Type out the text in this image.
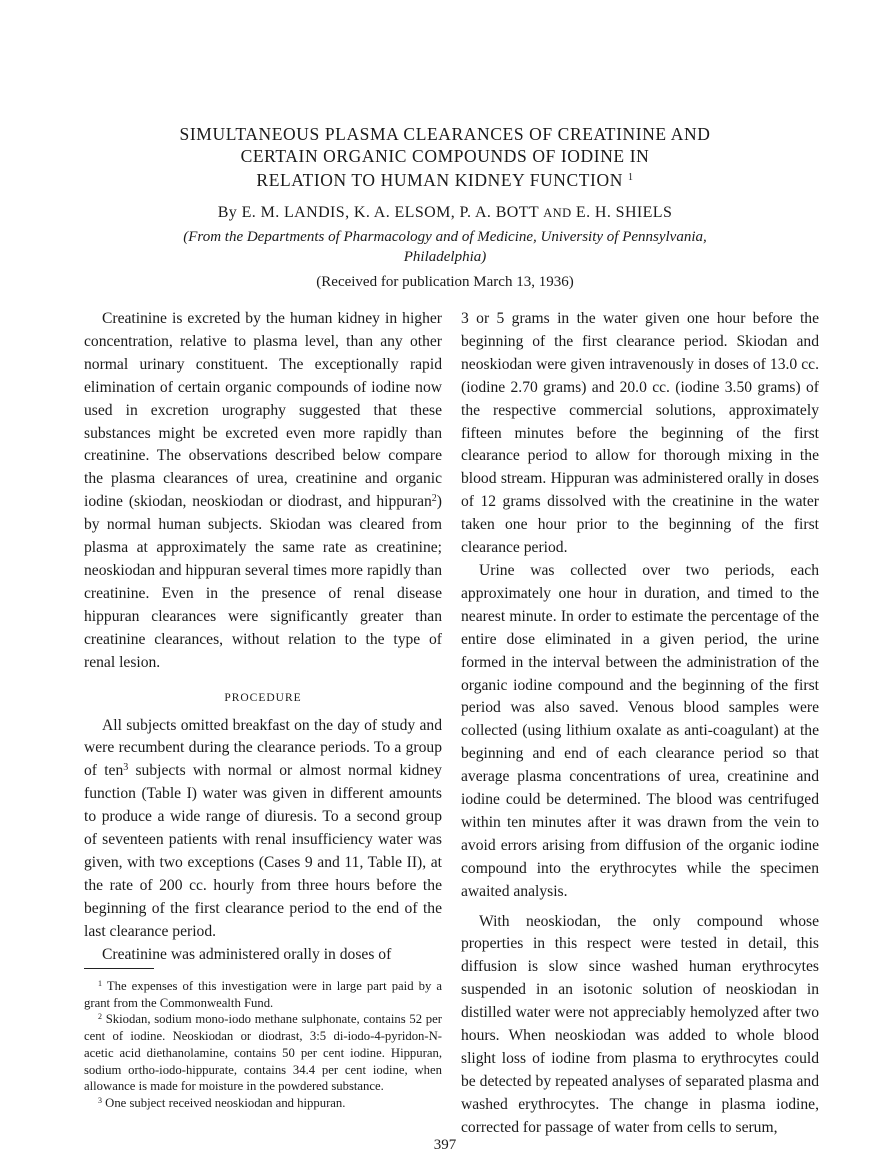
SIMULTANEOUS PLASMA CLEARANCES OF CREATININE AND
CERTAIN ORGANIC COMPOUNDS OF IODINE IN
RELATION TO HUMAN KIDNEY FUNCTION $^1$
By E. M. LANDIS, K. A. ELSOM, P. A. BOTT AND E. H. SHIELS
(From the Departments of Pharmacology and of Medicine, University of Pennsylvania,
Philadelphia)
(Received for publication March 13, 1936)

Creatinine is excreted by the human kidney in higher concentration, relative to plasma level, than any other normal urinary constituent. The exceptionally rapid elimination of certain organic compounds of iodine now used in excretion urography suggested that these substances might be excreted even more rapidly than creatinine. The observations described below compare the plasma clearances of urea, creatinine and organic iodine (skiodan, neoskiodan or diodrast, and hippuran$^2$) by normal human subjects. Skiodan was cleared from plasma at approximately the same rate as creatinine; neoskiodan and hippuran several times more rapidly than creatinine. Even in the presence of renal disease hippuran clearances were significantly greater than creatinine clearances, without relation to the type of renal lesion.

PROCEDURE

All subjects omitted breakfast on the day of study and were recumbent during the clearance periods. To a group of ten$^3$ subjects with normal or almost normal kidney function (Table I) water was given in different amounts to produce a wide range of diuresis. To a second group of seventeen patients with renal insufficiency water was given, with two exceptions (Cases 9 and 11, Table II), at the rate of 200 cc. hourly from three hours before the beginning of the first clearance period to the end of the last clearance period.

Creatinine was administered orally in doses of

3 or 5 grams in the water given one hour before the beginning of the first clearance period. Skiodan and neoskiodan were given intravenously in doses of 13.0 cc. (iodine 2.70 grams) and 20.0 cc. (iodine 3.50 grams) of the respective commercial solutions, approximately fifteen minutes before the beginning of the first clearance period to allow for thorough mixing in the blood stream. Hippuran was administered orally in doses of 12 grams dissolved with the creatinine in the water taken one hour prior to the beginning of the first clearance period.

Urine was collected over two periods, each approximately one hour in duration, and timed to the nearest minute. In order to estimate the percentage of the entire dose eliminated in a given period, the urine formed in the interval between the administration of the organic iodine compound and the beginning of the first period was also saved. Venous blood samples were collected (using lithium oxalate as anti-coagulant) at the beginning and end of each clearance period so that average plasma concentrations of urea, creatinine and iodine could be determined. The blood was centrifuged within ten minutes after it was drawn from the vein to avoid errors arising from diffusion of the organic iodine compound into the erythrocytes while the specimen awaited analysis.

With neoskiodan, the only compound whose properties in this respect were tested in detail, this diffusion is slow since washed human erythrocytes suspended in an isotonic solution of neoskiodan in distilled water were not appreciably hemolyzed after two hours. When neoskiodan was added to whole blood slight loss of iodine from plasma to erythrocytes could be detected by repeated analyses of separated plasma and washed erythrocytes. The change in plasma iodine, corrected for passage of water from cells to serum,

$^1$ The expenses of this investigation were in large part paid by a grant from the Commonwealth Fund.

$^2$ Skiodan, sodium mono-iodo methane sulphonate, contains 52 per cent of iodine. Neoskiodan or diodrast, 3:5 di-iodo-4-pyridon-N-acetic acid diethanolamine, contains 50 per cent iodine. Hippuran, sodium ortho-iodo-hippurate, contains 34.4 per cent iodine, when allowance is made for moisture in the powdered substance.

$^3$ One subject received neoskiodan and hippuran.

397
